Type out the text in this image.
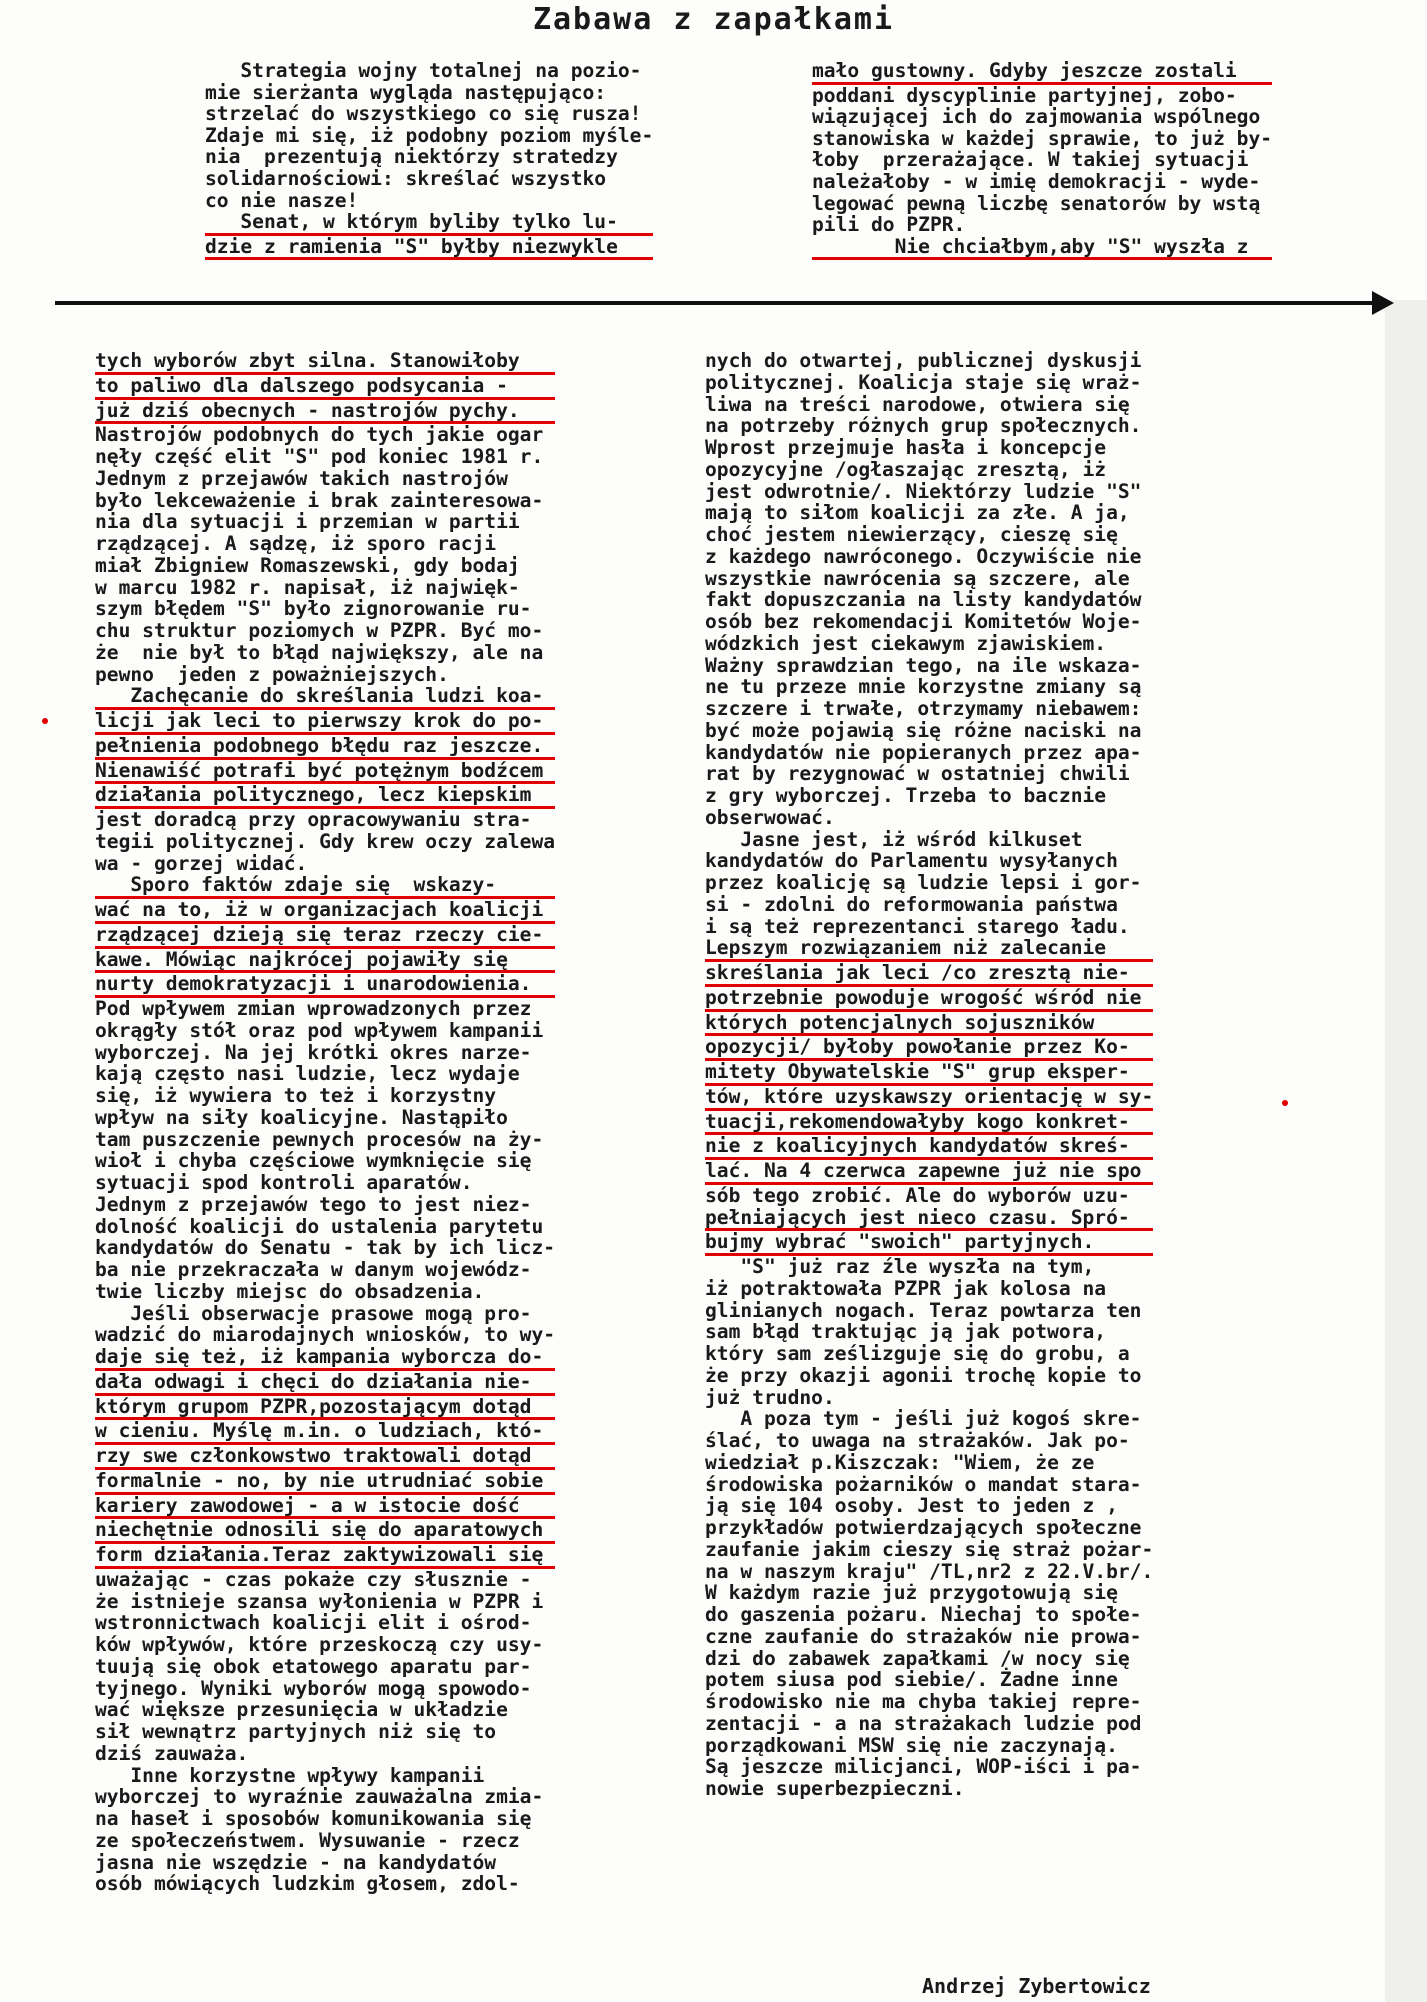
Zabawa z zapałkami
Strategia wojny totalnej na pozio-
mie sierżanta wygląda następująco:
strzelać do wszystkiego co się rusza!
Zdaje mi się, iż podobny poziom myśle-
nia  prezentują niektórzy stratedzy
solidarnościowi: skreślać wszystko
co nie nasze!
Senat, w którym byliby tylko lu-
dzie z ramienia "S" byłby niezwykle
mało gustowny. Gdyby jeszcze zostali
poddani dyscyplinie partyjnej, zobo-
wiązującej ich do zajmowania wspólnego
stanowiska w każdej sprawie, to już by-
łoby  przerażające. W takiej sytuacji
należałoby - w imię demokracji - wyde-
legować pewną liczbę senatorów by wstą
pili do PZPR.
Nie chciałbym,aby "S" wyszła z
tych wyborów zbyt silna. Stanowiłoby
to paliwo dla dalszego podsycania -
już dziś obecnych - nastrojów pychy.
Nastrojów podobnych do tych jakie ogar
nęły część elit "S" pod koniec 1981 r.
Jednym z przejawów takich nastrojów
było lekceważenie i brak zainteresowa-
nia dla sytuacji i przemian w partii
rządzącej. A sądzę, iż sporo racji
miał Zbigniew Romaszewski, gdy bodaj
w marcu 1982 r. napisał, iż najwięk-
szym błędem "S" było zignorowanie ru-
chu struktur poziomych w PZPR. Być mo-
że  nie był to błąd największy, ale na
pewno  jeden z poważniejszych.
Zachęcanie do skreślania ludzi koa-
licji jak leci to pierwszy krok do po-
pełnienia podobnego błędu raz jeszcze.
Nienawiść potrafi być potężnym bodźcem
działania politycznego, lecz kiepskim
jest doradcą przy opracowywaniu stra-
tegii politycznej. Gdy krew oczy zalewa
wa - gorzej widać.
Sporo faktów zdaje się  wskazy-
wać na to, iż w organizacjach koalicji
rządzącej dzieją się teraz rzeczy cie-
kawe. Mówiąc najkrócej pojawiły się
nurty demokratyzacji i unarodowienia.
Pod wpływem zmian wprowadzonych przez
okrągły stół oraz pod wpływem kampanii
wyborczej. Na jej krótki okres narze-
kają często nasi ludzie, lecz wydaje
się, iż wywiera to też i korzystny
wpływ na siły koalicyjne. Nastąpiło
tam puszczenie pewnych procesów na ży-
wioł i chyba częściowe wymknięcie się
sytuacji spod kontroli aparatów.
Jednym z przejawów tego to jest niez-
dolność koalicji do ustalenia parytetu
kandydatów do Senatu - tak by ich licz-
ba nie przekraczała w danym wojewódz-
twie liczby miejsc do obsadzenia.
Jeśli obserwacje prasowe mogą pro-
wadzić do miarodajnych wniosków, to wy-
daje się też, iż kampania wyborcza do-
dała odwagi i chęci do działania nie-
którym grupom PZPR,pozostającym dotąd
w cieniu. Myślę m.in. o ludziach, któ-
rzy swe członkowstwo traktowali dotąd
formalnie - no, by nie utrudniać sobie
kariery zawodowej - a w istocie dość
niechętnie odnosili się do aparatowych
form działania.Teraz zaktywizowali się
uważając - czas pokaże czy słusznie -
że istnieje szansa wyłonienia w PZPR i
wstronnictwach koalicji elit i ośrod-
ków wpływów, które przeskoczą czy usy-
tuują się obok etatowego aparatu par-
tyjnego. Wyniki wyborów mogą spowodo-
wać większe przesunięcia w układzie
sił wewnątrz partyjnych niż się to
dziś zauważa.
Inne korzystne wpływy kampanii
wyborczej to wyraźnie zauważalna zmia-
na haseł i sposobów komunikowania się
ze społeczeństwem. Wysuwanie - rzecz
jasna nie wszędzie - na kandydatów
osób mówiących ludzkim głosem, zdol-
nych do otwartej, publicznej dyskusji
politycznej. Koalicja staje się wraż-
liwa na treści narodowe, otwiera się
na potrzeby różnych grup społecznych.
Wprost przejmuje hasła i koncepcje
opozycyjne /ogłaszając zresztą, iż
jest odwrotnie/. Niektórzy ludzie "S"
mają to siłom koalicji za złe. A ja,
choć jestem niewierzący, cieszę się
z każdego nawróconego. Oczywiście nie
wszystkie nawrócenia są szczere, ale
fakt dopuszczania na listy kandydatów
osób bez rekomendacji Komitetów Woje-
wódzkich jest ciekawym zjawiskiem.
Ważny sprawdzian tego, na ile wskaza-
ne tu przeze mnie korzystne zmiany są
szczere i trwałe, otrzymamy niebawem:
być może pojawią się różne naciski na
kandydatów nie popieranych przez apa-
rat by rezygnować w ostatniej chwili
z gry wyborczej. Trzeba to bacznie
obserwować.
Jasne jest, iż wśród kilkuset
kandydatów do Parlamentu wysyłanych
przez koalicję są ludzie lepsi i gor-
si - zdolni do reformowania państwa
i są też reprezentanci starego ładu.
Lepszym rozwiązaniem niż zalecanie
skreślania jak leci /co zresztą nie-
potrzebnie powoduje wrogość wśród nie
których potencjalnych sojuszników
opozycji/ byłoby powołanie przez Ko-
mitety Obywatelskie "S" grup eksper-
tów, które uzyskawszy orientację w sy-
tuacji,rekomendowałyby kogo konkret-
nie z koalicyjnych kandydatów skreś-
lać. Na 4 czerwca zapewne już nie spo
sób tego zrobić. Ale do wyborów uzu-
pełniających jest nieco czasu. Spró-
bujmy wybrać "swoich" partyjnych.
"S" już raz źle wyszła na tym,
iż potraktowała PZPR jak kolosa na
glinianych nogach. Teraz powtarza ten
sam błąd traktując ją jak potwora,
który sam ześlizguje się do grobu, a
że przy okazji agonii trochę kopie to
już trudno.
A poza tym - jeśli już kogoś skre-
ślać, to uwaga na strażaków. Jak po-
wiedział p.Kiszczak: "Wiem, że ze
środowiska pożarników o mandat stara-
ją się 104 osoby. Jest to jeden z ,
przykładów potwierdzających społeczne
zaufanie jakim cieszy się straż pożar-
na w naszym kraju" /TL,nr2 z 22.V.br/.
W każdym razie już przygotowują się
do gaszenia pożaru. Niechaj to społe-
czne zaufanie do strażaków nie prowa-
dzi do zabawek zapałkami /w nocy się
potem siusa pod siebie/. Żadne inne
środowisko nie ma chyba takiej repre-
zentacji - a na strażakach ludzie pod
porządkowani MSW się nie zaczynają.
Są jeszcze milicjanci, WOP-iści i pa-
nowie superbezpieczni.
Andrzej Zybertowicz
